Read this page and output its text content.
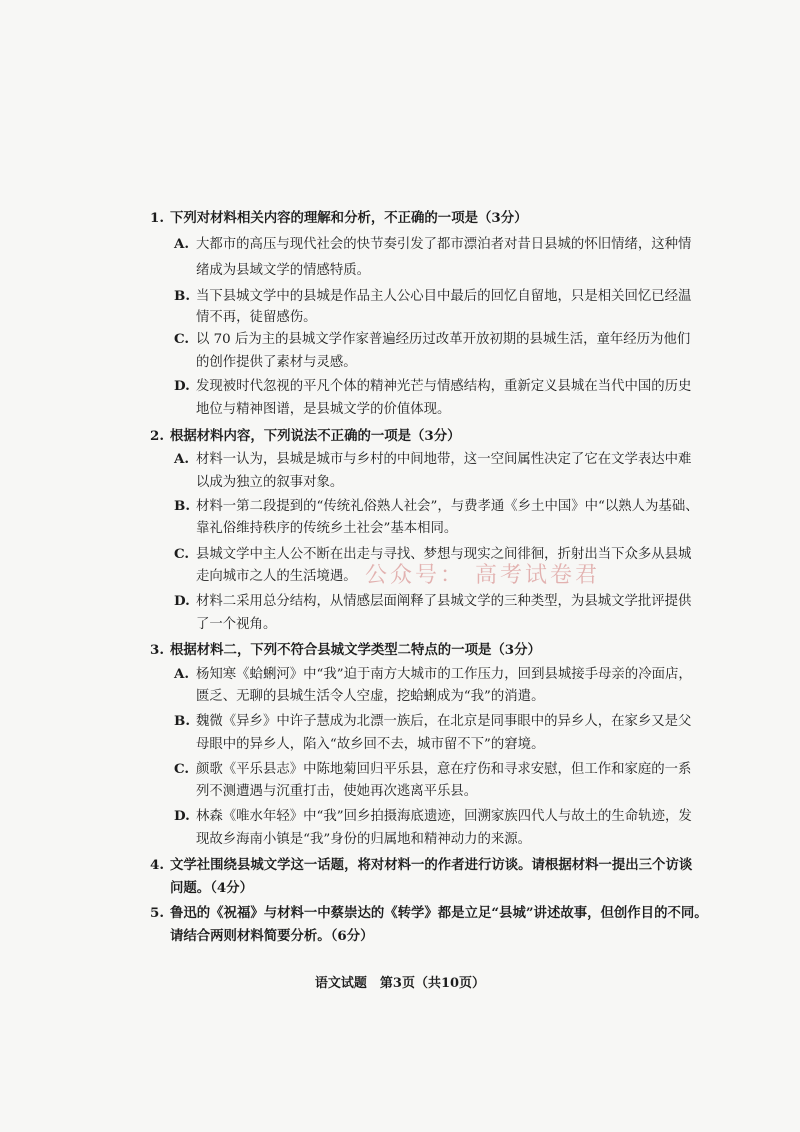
1. 下列对材料相关内容的理解和分析，不正确的一项是（3分）
A. 大都市的高压与现代社会的快节奏引发了都市漂泊者对昔日县城的怀旧情绪，这种情
绪成为县域文学的情感特质。
B. 当下县城文学中的县城是作品主人公心目中最后的回忆自留地，只是相关回忆已经温
情不再，徒留感伤。
C. 以 70 后为主的县城文学作家普遍经历过改革开放初期的县城生活，童年经历为他们
的创作提供了素材与灵感。
D. 发现被时代忽视的平凡个体的精神光芒与情感结构，重新定义县城在当代中国的历史
地位与精神图谱，是县城文学的价值体现。
2. 根据材料内容，下列说法不正确的一项是（3分）
A. 材料一认为，县城是城市与乡村的中间地带，这一空间属性决定了它在文学表达中难
以成为独立的叙事对象。
B. 材料一第二段提到的“传统礼俗熟人社会”，与费孝通《乡土中国》中“以熟人为基础、
靠礼俗维持秩序的传统乡土社会”基本相同。
C. 县城文学中主人公不断在出走与寻找、梦想与现实之间徘徊，折射出当下众多从县城
走向城市之人的生活境遇。
D. 材料二采用总分结构，从情感层面阐释了县城文学的三种类型，为县城文学批评提供
了一个视角。
3. 根据材料二，下列不符合县城文学类型二特点的一项是（3分）
A. 杨知寒《蛤蜊河》中“我”迫于南方大城市的工作压力，回到县城接手母亲的冷面店，
匮乏、无聊的县城生活令人空虚，挖蛤蜊成为“我”的消遣。
B. 魏微《异乡》中许子慧成为北漂一族后，在北京是同事眼中的异乡人，在家乡又是父
母眼中的异乡人，陷入“故乡回不去，城市留不下”的窘境。
C. 颜歌《平乐县志》中陈地菊回归平乐县，意在疗伤和寻求安慰，但工作和家庭的一系
列不测遭遇与沉重打击，使她再次逃离平乐县。
D. 林森《唯水年轻》中“我”回乡拍摄海底遗迹，回溯家族四代人与故土的生命轨迹，发
现故乡海南小镇是“我”身份的归属地和精神动力的来源。
4. 文学社围绕县城文学这一话题，将对材料一的作者进行访谈。请根据材料一提出三个访谈
问题。（4分）
5. 鲁迅的《祝福》与材料一中蔡崇达的《转学》都是立足“县城”讲述故事，但创作目的不同。
请结合两则材料简要分析。（6分）
公众号： 高考试卷君
语文试题　第3页（共10页）
